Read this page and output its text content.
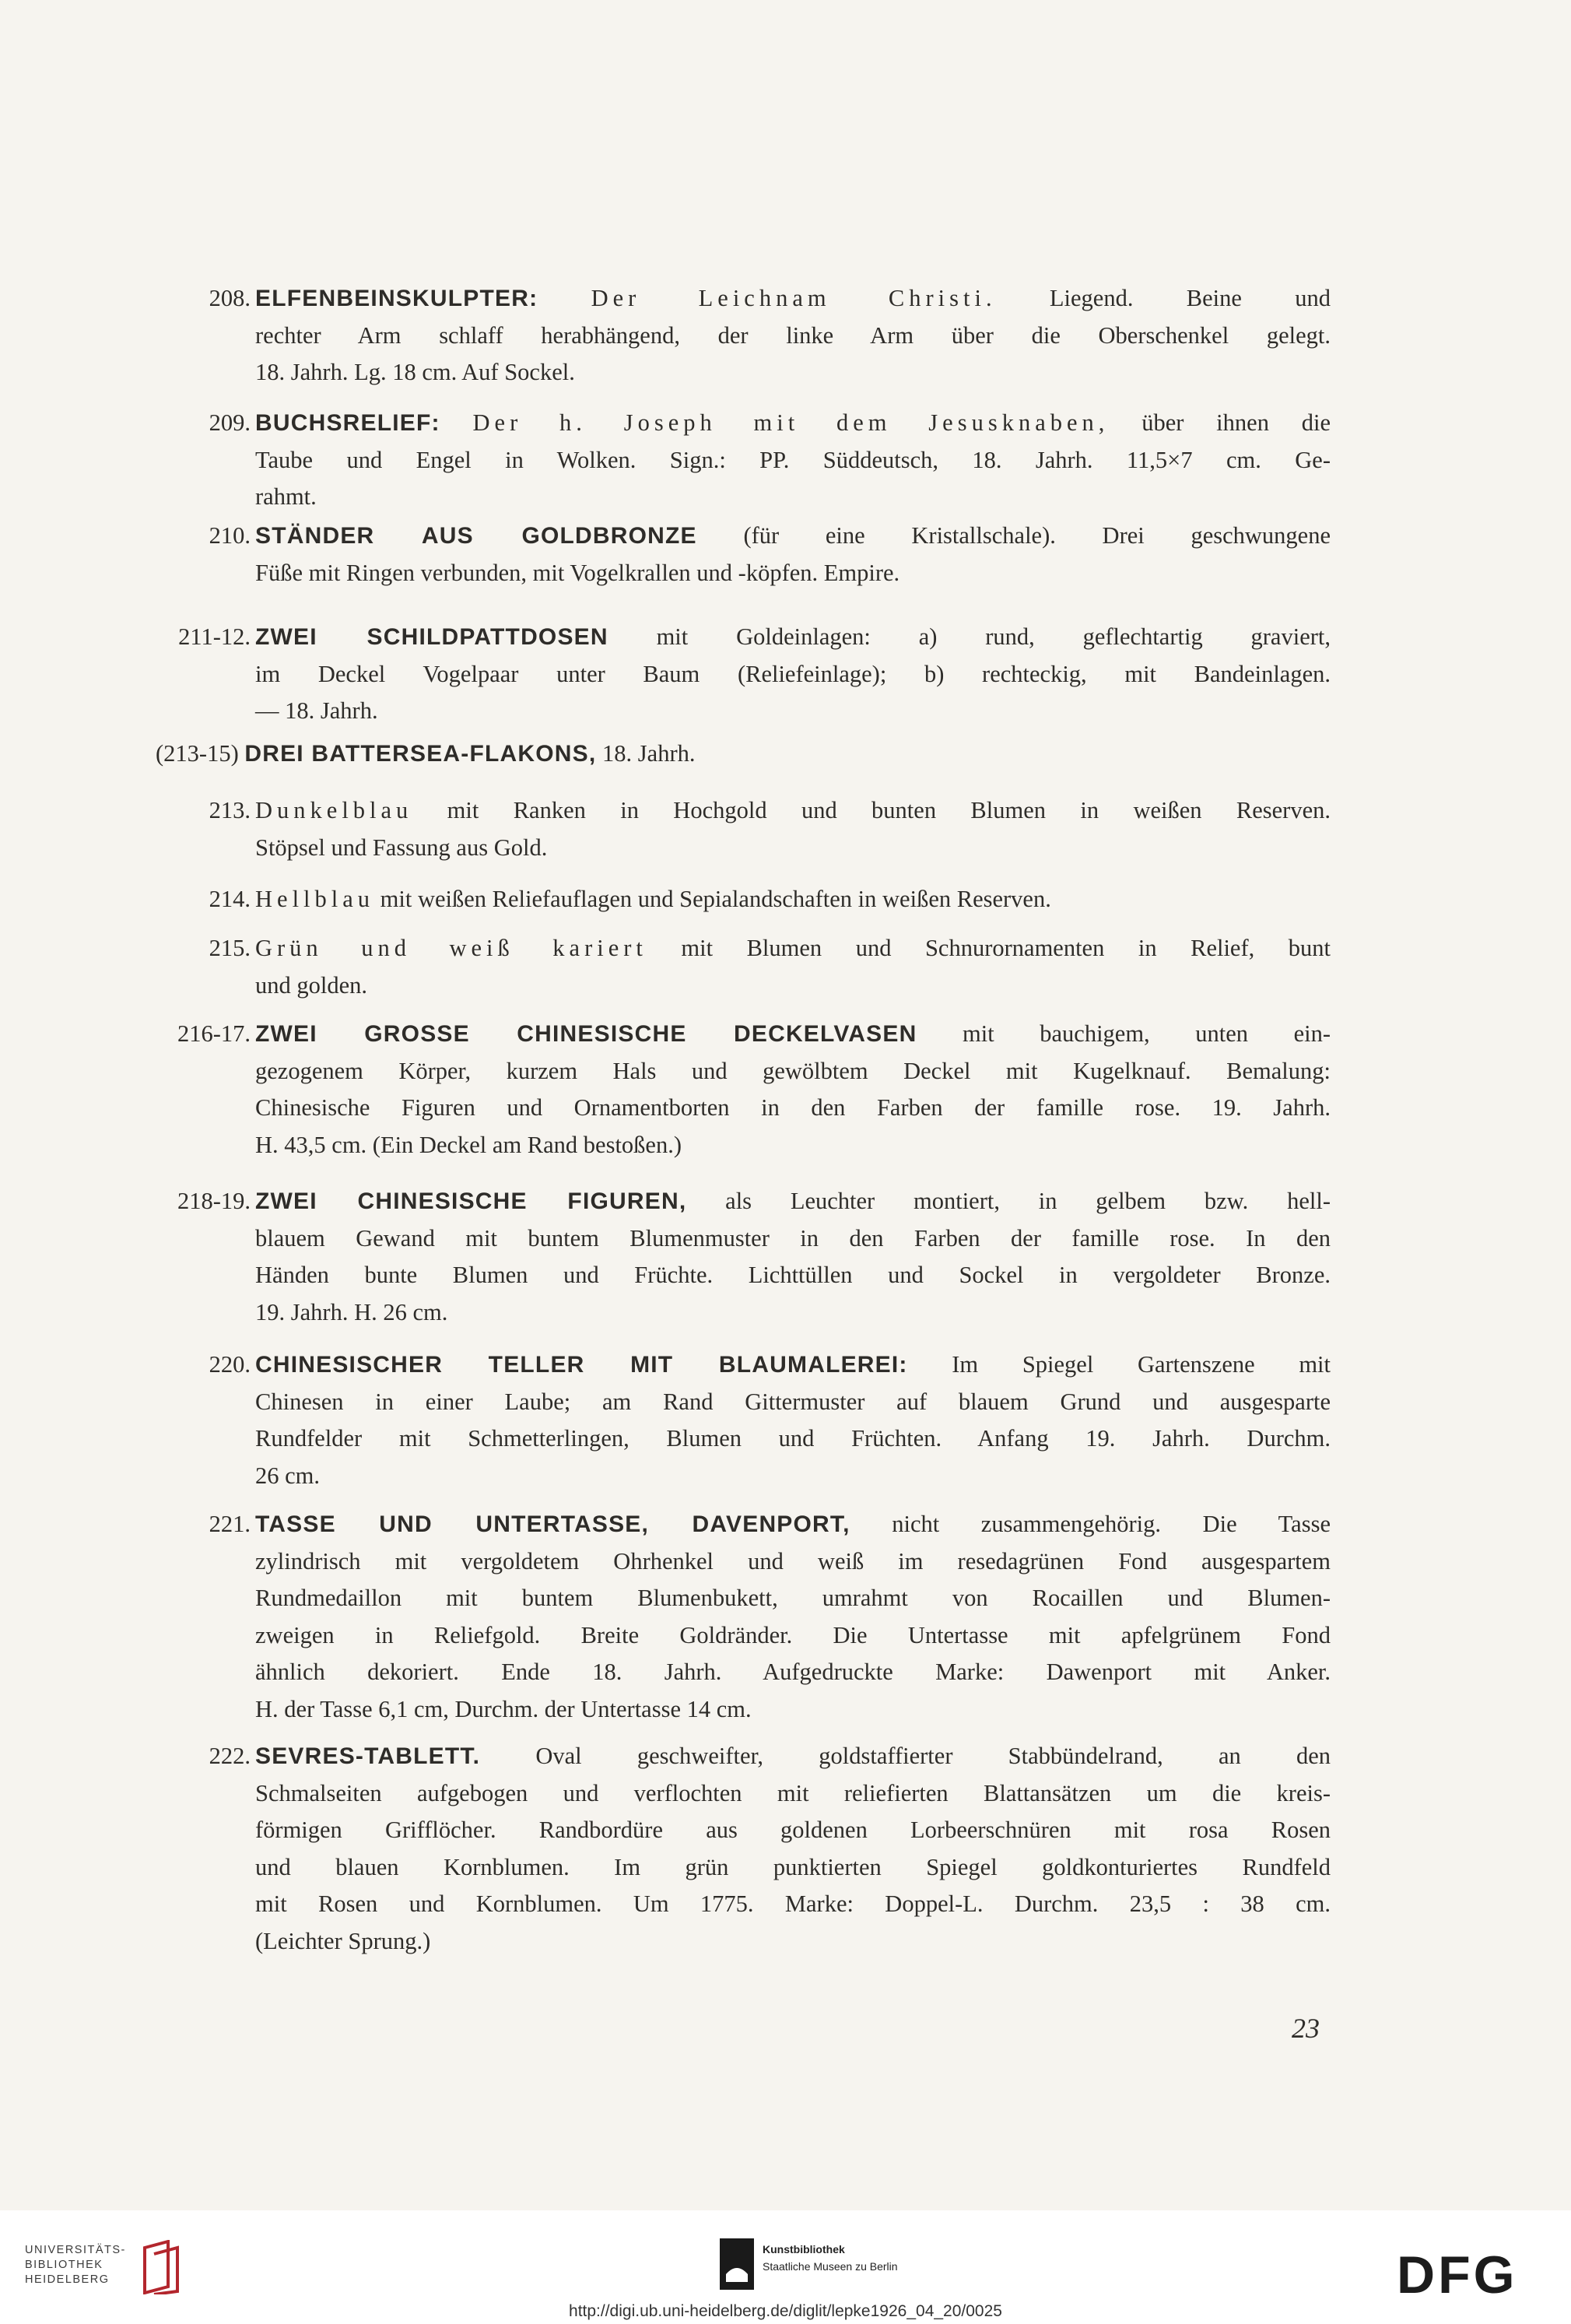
208. ELFENBEINSKULPTER: Der Leichnam Christi. Liegend. Beine und
rechter Arm schlaff herabhängend, der linke Arm über die Oberschenkel gelegt.
18. Jahrh. Lg. 18 cm. Auf Sockel.
209. BUCHSRELIEF: Der h. Joseph mit dem Jesusknaben, über ihnen die
Taube und Engel in Wolken. Sign.: PP. Süddeutsch, 18. Jahrh. 11,5×7 cm. Ge-
rahmt.
210. STÄNDER AUS GOLDBRONZE (für eine Kristallschale). Drei geschwungene
Füße mit Ringen verbunden, mit Vogelkrallen und -köpfen. Empire.
211-12. ZWEI SCHILDPATTDOSEN mit Goldeinlagen: a) rund, geflechtartig graviert,
im Deckel Vogelpaar unter Baum (Reliefeinlage); b) rechteckig, mit Bandeinlagen.
— 18. Jahrh.
(213-15) DREI BATTERSEA-FLAKONS, 18. Jahrh.
213. Dunkelblau mit Ranken in Hochgold und bunten Blumen in weißen Reserven.
Stöpsel und Fassung aus Gold.
214. Hellblau mit weißen Reliefauflagen und Sepialandschaften in weißen Reserven.
215. Grün und weiß kariert mit Blumen und Schnurornamenten in Relief, bunt
und golden.
216-17. ZWEI GROSSE CHINESISCHE DECKELVASEN mit bauchigem, unten ein-
gezogenem Körper, kurzem Hals und gewölbtem Deckel mit Kugelknauf. Bemalung:
Chinesische Figuren und Ornamentborten in den Farben der famille rose. 19. Jahrh.
H. 43,5 cm. (Ein Deckel am Rand bestoßen.)
218-19. ZWEI CHINESISCHE FIGUREN, als Leuchter montiert, in gelbem bzw. hell-
blauem Gewand mit buntem Blumenmuster in den Farben der famille rose. In den
Händen bunte Blumen und Früchte. Lichttüllen und Sockel in vergoldeter Bronze.
19. Jahrh. H. 26 cm.
220. CHINESISCHER TELLER MIT BLAUMALEREI: Im Spiegel Gartenszene mit
Chinesen in einer Laube; am Rand Gittermuster auf blauem Grund und ausgesparte
Rundfelder mit Schmetterlingen, Blumen und Früchten. Anfang 19. Jahrh. Durchm.
26 cm.
221. TASSE UND UNTERTASSE, DAVENPORT, nicht zusammengehörig. Die Tasse
zylindrisch mit vergoldetem Ohrhenkel und weiß im resedagrünen Fond ausgespartem
Rundmedaillon mit buntem Blumenbukett, umrahmt von Rocaillen und Blumen-
zweigen in Reliefgold. Breite Goldränder. Die Untertasse mit apfelgrünem Fond
ähnlich dekoriert. Ende 18. Jahrh. Aufgedruckte Marke: Dawenport mit Anker.
H. der Tasse 6,1 cm, Durchm. der Untertasse 14 cm.
222. SEVRES-TABLETT. Oval geschweifter, goldstaffierter Stabbündelrand, an den
Schmalseiten aufgebogen und verflochten mit reliefierten Blattansätzen um die kreis-
förmigen Grifflöcher. Randbordüre aus goldenen Lorbeerschnüren mit rosa Rosen
und blauen Kornblumen. Im grün punktierten Spiegel goldkonturiertes Rundfeld
mit Rosen und Kornblumen. Um 1775. Marke: Doppel-L. Durchm. 23,5 : 38 cm.
(Leichter Sprung.)
23
UNIVERSITÄTS-
BIBLIOTHEK
HEIDELBERG
Kunstbibliothek
Staatliche Museen zu Berlin	DFG
http://digi.ub.uni-heidelberg.de/diglit/lepke1926_04_20/0025
